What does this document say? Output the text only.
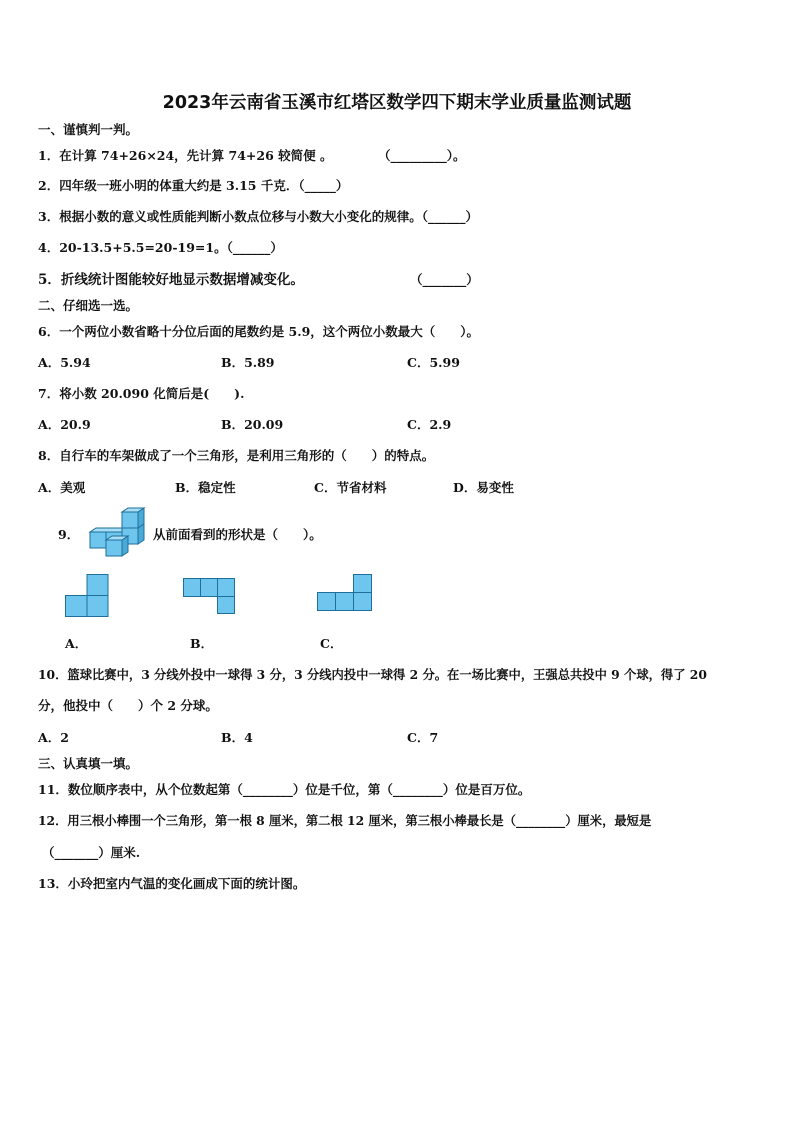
2023年云南省玉溪市红塔区数学四下期末学业质量监测试题
一、谨慎判一判。
1．在计算 74+26×24，先计算 74+26 较简便 。	（_________）。
2．四年级一班小明的体重大约是 3.15 千克．（_____）
3．根据小数的意义或性质能判断小数点位移与小数大小变化的规律。（______）
4．20-13.5+5.5=20-19=1。（______）
5．折线统计图能较好地显示数据增减变化。	（_______）
二、仔细选一选。
6．一个两位小数省略十分位后面的尾数约是 5.9，这个两位小数最大（　　）。
A．5.94	B．5.89	C．5.99
7．将小数 20.090 化简后是(　　).
A．20.9	B．20.09	C．2.9
8．自行车的车架做成了一个三角形，是利用三角形的（　　）的特点。
A．美观	B．稳定性	C．节省材料	D．易变性
9．	从前面看到的形状是（　　）。
A．	B．	C．
10．篮球比赛中，3 分线外投中一球得 3 分，3 分线内投中一球得 2 分。在一场比赛中，王强总共投中 9 个球，得了 20
分，他投中（　　）个 2 分球。
A．2	B．4	C．7
三、认真填一填。
11．数位顺序表中，从个位数起第（________）位是千位，第（________）位是百万位。
12．用三根小棒围一个三角形，第一根 8 厘米，第二根 12 厘米，第三根小棒最长是（________）厘米，最短是
（_______）厘米.
13．小玲把室内气温的变化画成下面的统计图。
